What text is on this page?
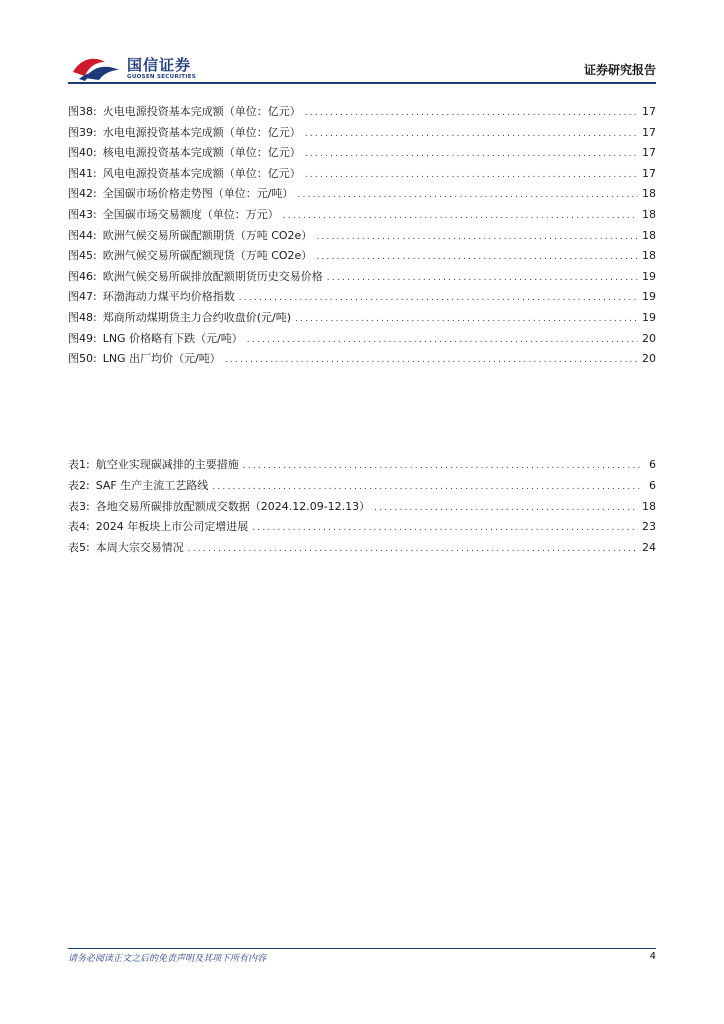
国信证券
GUOSEN SECURITIES	证券研究报告
图38: 火电电源投资基本完成额（单位：亿元） .....	17
图39: 水电电源投资基本完成额（单位：亿元） .....	17
图40: 核电电源投资基本完成额（单位：亿元） .....	17
图41: 风电电源投资基本完成额（单位：亿元） .....	17
图42: 全国碳市场价格走势图（单位：元/吨） .....	18
图43: 全国碳市场交易额度（单位：万元） .....	18
图44: 欧洲气候交易所碳配额期货（万吨 CO2e） .....	18
图45: 欧洲气候交易所碳配额现货（万吨 CO2e） .....	18
图46: 欧洲气候交易所碳排放配额期货历史交易价格 .....	19
图47: 环渤海动力煤平均价格指数 .....	19
图48: 郑商所动煤期货主力合约收盘价(元/吨) .....	19
图49: LNG 价格略有下跌（元/吨） .....	20
图50: LNG 出厂均价（元/吨） .....	20
表1: 航空业实现碳减排的主要措施 .....	6
表2: SAF 生产主流工艺路线 .....	6
表3: 各地交易所碳排放配额成交数据（2024.12.09-12.13） .....	18
表4: 2024 年板块上市公司定增进展 .....	23
表5: 本周大宗交易情况 .....	24
请务必阅读正文之后的免责声明及其项下所有内容	4
